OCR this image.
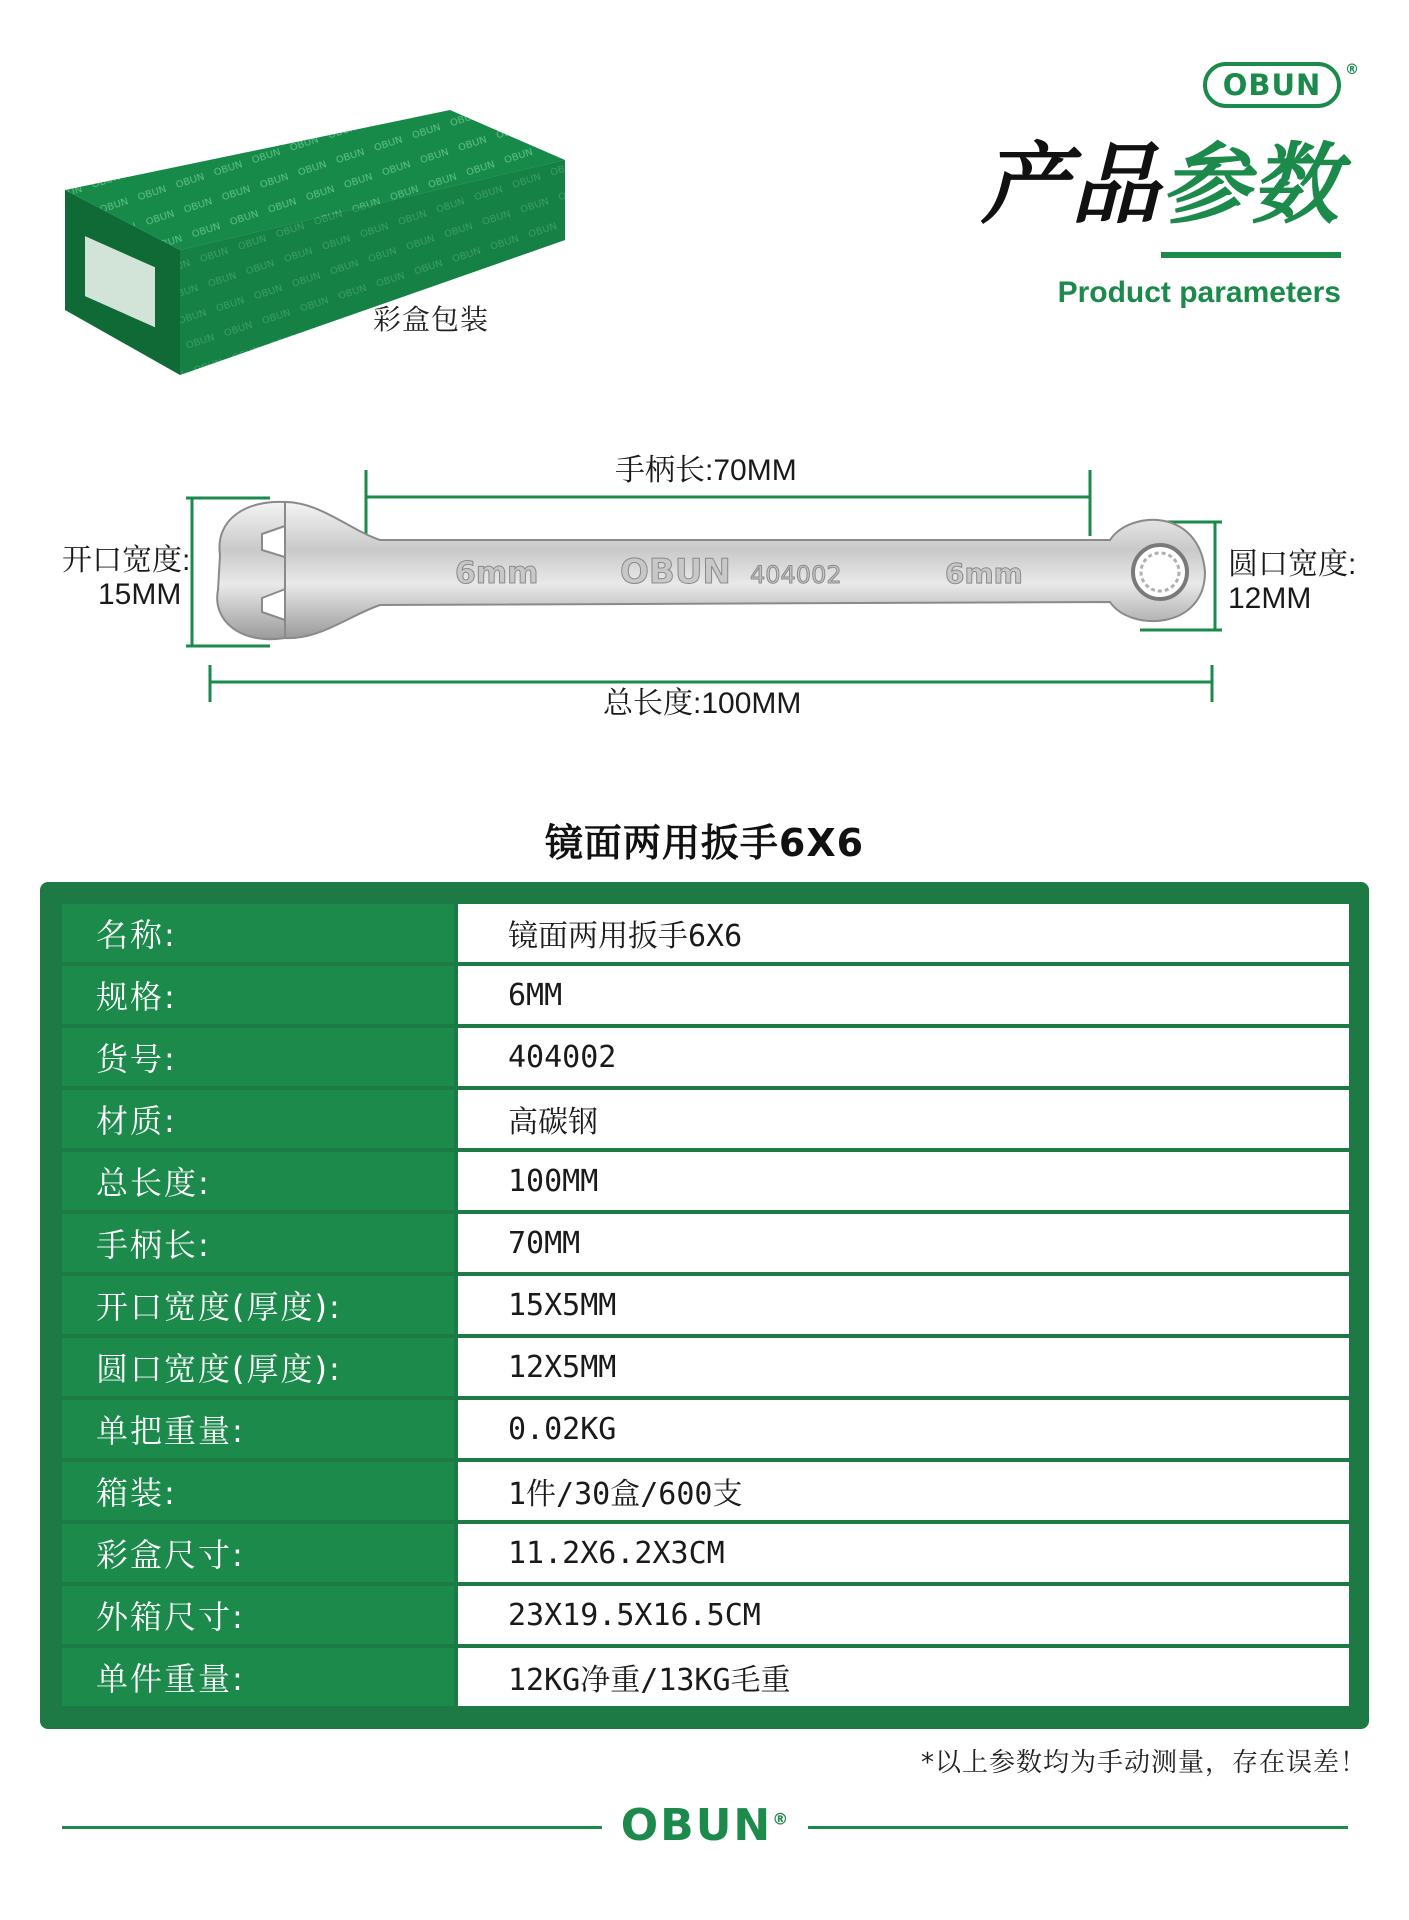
彩盒包装
OBUN ®
产品参数
Product parameters
6mm OBUN 404002	6mm
手柄长:70MM
总长度:100MM
开口宽度:
15MM
圆口宽度:
12MM
镜面两用扳手6X6
名称:	镜面两用扳手6X6
规格:	6MM
货号:	404002
材质:	高碳钢
总长度:	100MM
手柄长:	70MM
开口宽度(厚度):	15X5MM
圆口宽度(厚度):	12X5MM
单把重量:	0.02KG
箱装:	1件/30盒/600支
彩盒尺寸:	11.2X6.2X3CM
外箱尺寸:	23X19.5X16.5CM
单件重量:	12KG净重/13KG毛重
*以上参数均为手动测量，存在误差！
OBUN®
